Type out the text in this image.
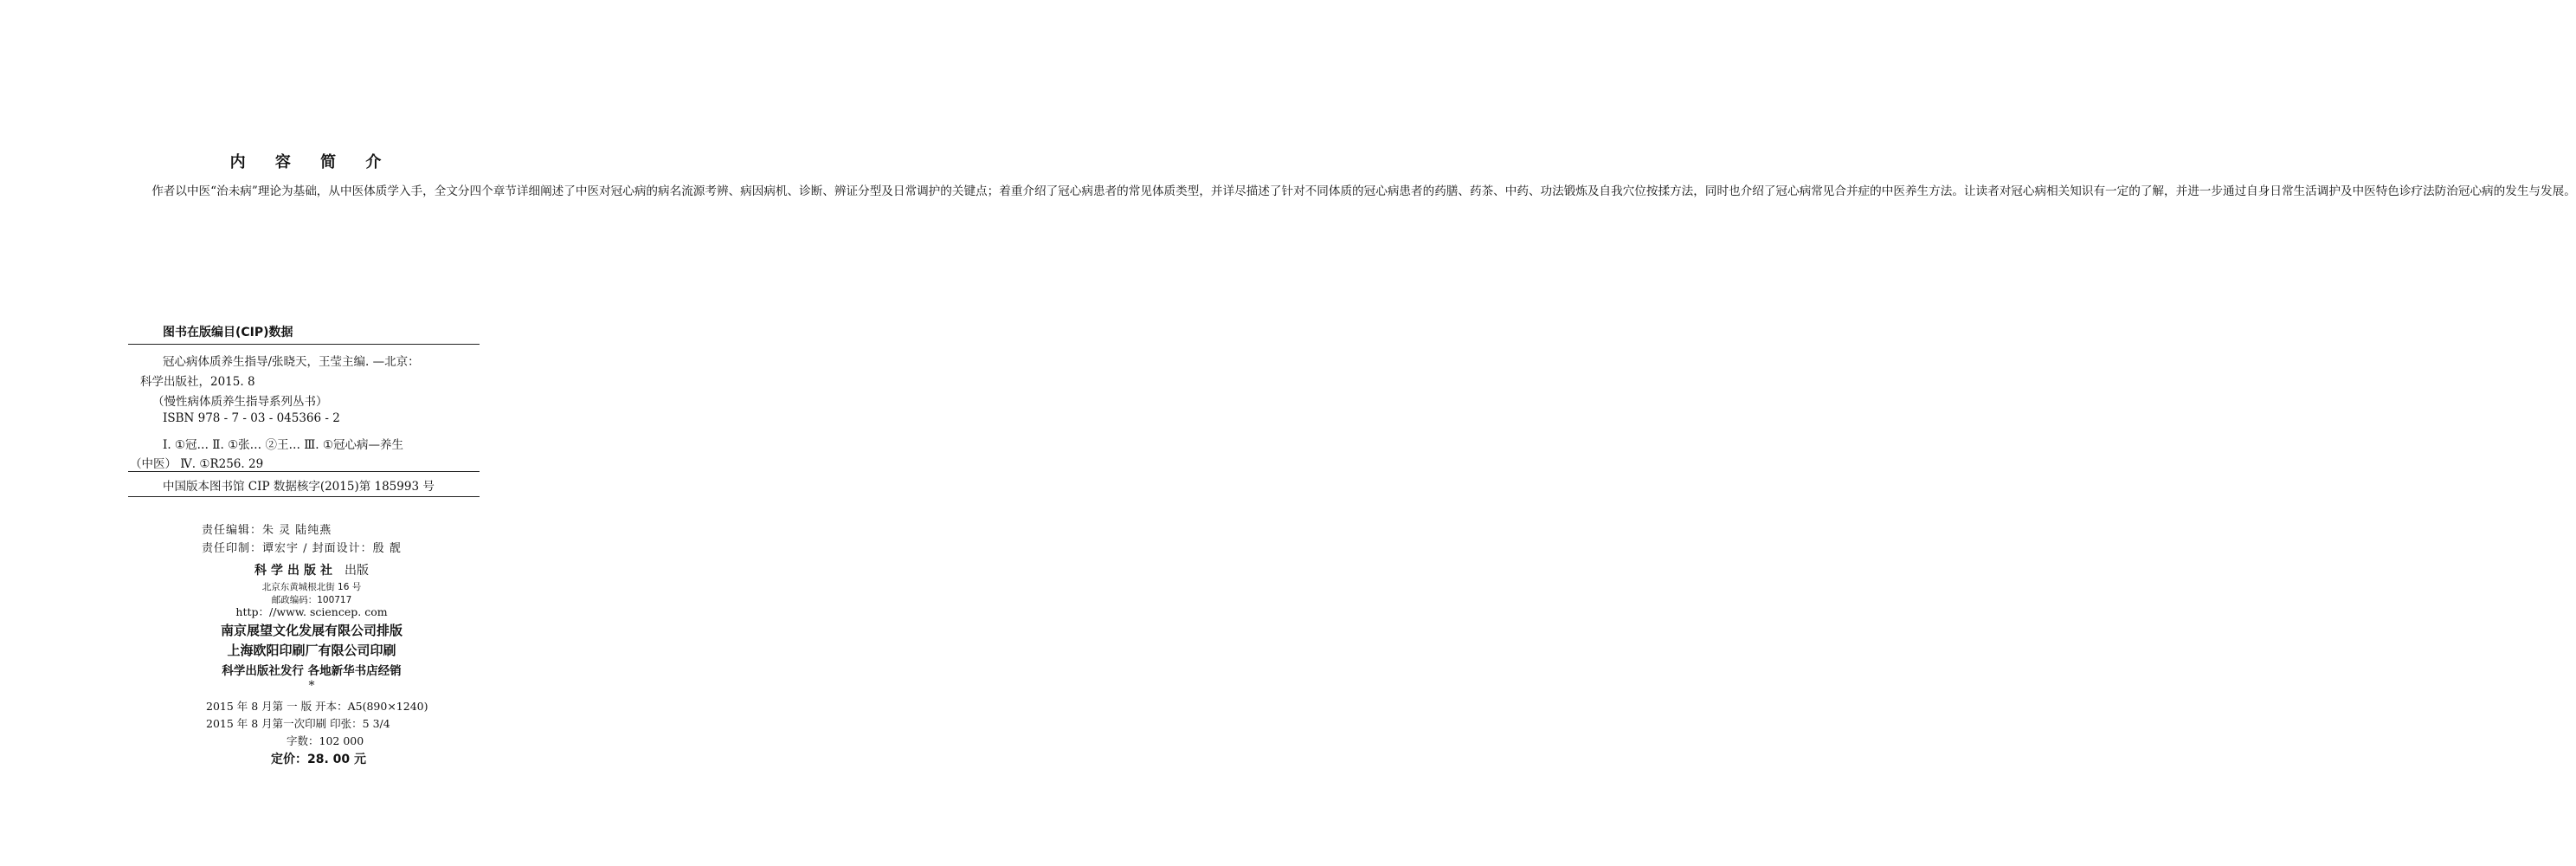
内 容 简 介

作者以中医“治未病”理论为基础，从中医体质学入手，全文分四个章节详细阐述了中医对冠心病的病名流源考辨、病因病机、诊断、辨证分型及日常调护的关键点；着重介绍了冠心病患者的常见体质类型，并详尽描述了针对不同体质的冠心病患者的药膳、药茶、中药、功法锻炼及自我穴位按揉方法，同时也介绍了冠心病常见合并症的中医养生方法。让读者对冠心病相关知识有一定的了解，并进一步通过自身日常生活调护及中医特色诊疗法防治冠心病的发生与发展。

图书在版编目(CIP)数据
冠心病体质养生指导/张晓天，王莹主编. —北京：
科学出版社，2015. 8
（慢性病体质养生指导系列丛书）
ISBN 978 - 7 - 03 - 045366 - 2
Ⅰ. ①冠… Ⅱ. ①张… ②王… Ⅲ. ①冠心病—养生
（中医） Ⅳ. ①R256. 29
中国版本图书馆 CIP 数据核字(2015)第 185993 号
责任编辑：朱 灵 陆纯燕
责任印制：谭宏宇 / 封面设计：殷 靓
科学出版社 出版
北京东黄城根北街 16 号
邮政编码：100717
http：//www. sciencep. com
南京展望文化发展有限公司排版
上海欧阳印刷厂有限公司印刷
科学出版社发行 各地新华书店经销
*
2015 年 8 月第 一 版 开本：A5(890×1240)
2015 年 8 月第一次印刷 印张：5 3/4
字数：102 000
定价：28. 00 元
